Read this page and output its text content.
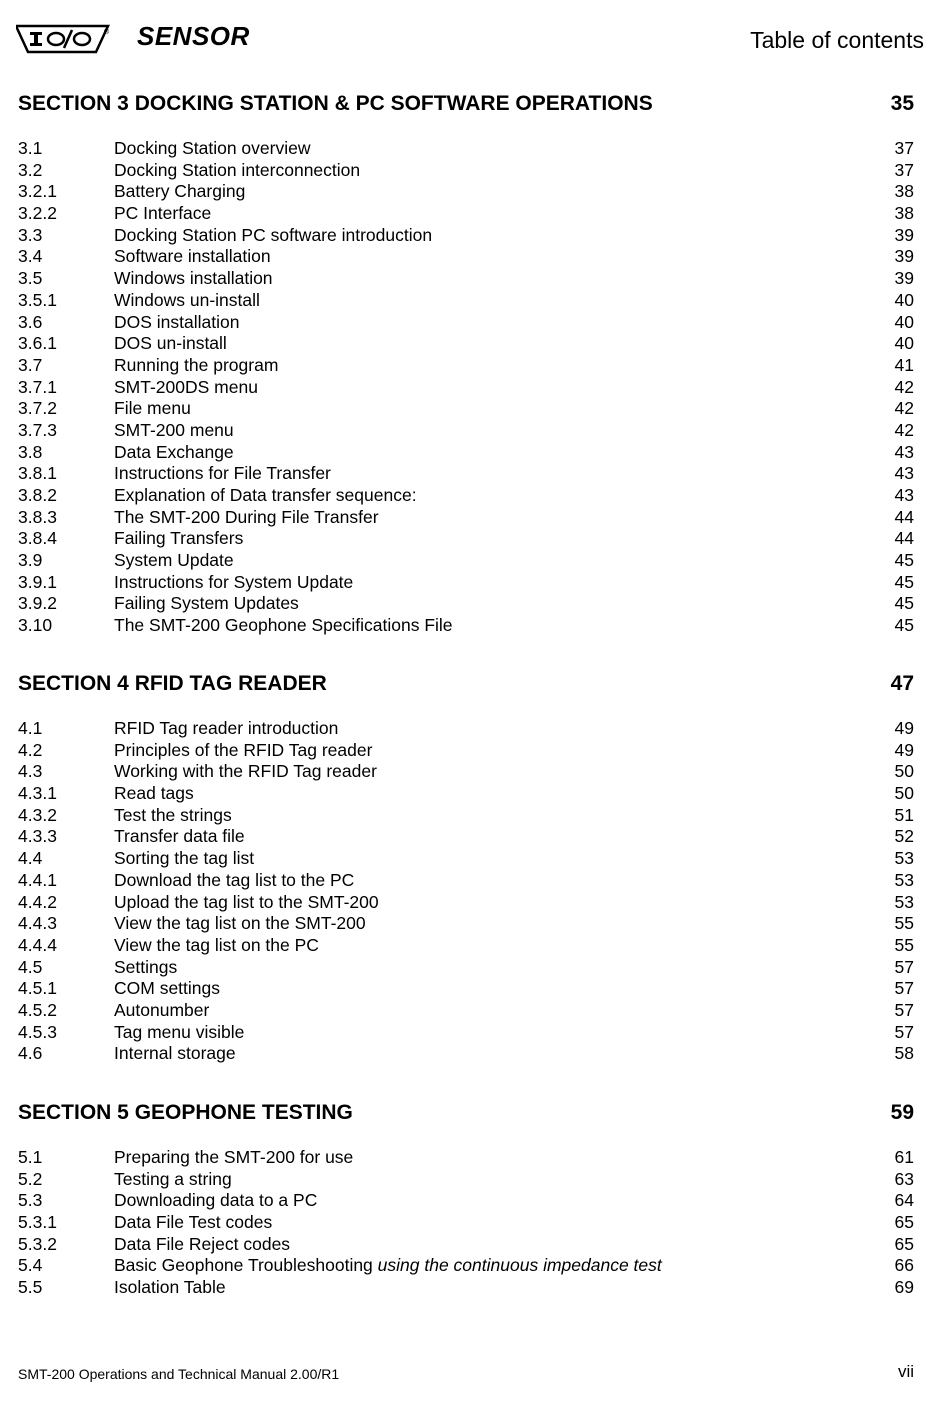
® SENSOR	Table of contents
SECTION 3 DOCKING STATION & PC SOFTWARE OPERATIONS	35
3.1	Docking Station overview	37
3.2	Docking Station interconnection	37
3.2.1	Battery Charging	38
3.2.2	PC Interface	38
3.3	Docking Station PC software introduction	39
3.4	Software installation	39
3.5	Windows installation	39
3.5.1	Windows un-install	40
3.6	DOS installation	40
3.6.1	DOS un-install	40
3.7	Running the program	41
3.7.1	SMT-200DS menu	42
3.7.2	File menu	42
3.7.3	SMT-200 menu	42
3.8	Data Exchange	43
3.8.1	Instructions for File Transfer	43
3.8.2	Explanation of Data transfer sequence:	43
3.8.3	The SMT-200 During File Transfer	44
3.8.4	Failing Transfers	44
3.9	System Update	45
3.9.1	Instructions for System Update	45
3.9.2	Failing System Updates	45
3.10	The SMT-200 Geophone Specifications File	45
SECTION 4 RFID TAG READER	47
4.1	RFID Tag reader introduction	49
4.2	Principles of the RFID Tag reader	49
4.3	Working with the RFID Tag reader	50
4.3.1	Read tags	50
4.3.2	Test the strings	51
4.3.3	Transfer data file	52
4.4	Sorting the tag list	53
4.4.1	Download the tag list to the PC	53
4.4.2	Upload the tag list to the SMT-200	53
4.4.3	View the tag list on the SMT-200	55
4.4.4	View the tag list on the PC	55
4.5	Settings	57
4.5.1	COM settings	57
4.5.2	Autonumber	57
4.5.3	Tag menu visible	57
4.6	Internal storage	58
SECTION 5 GEOPHONE TESTING	59
5.1	Preparing the SMT-200 for use	61
5.2	Testing a string	63
5.3	Downloading data to a PC	64
5.3.1	Data File Test codes	65
5.3.2	Data File Reject codes	65
5.4	Basic Geophone Troubleshooting using the continuous impedance test	66
5.5	Isolation Table	69
SMT-200 Operations and Technical Manual 2.00/R1	vii
